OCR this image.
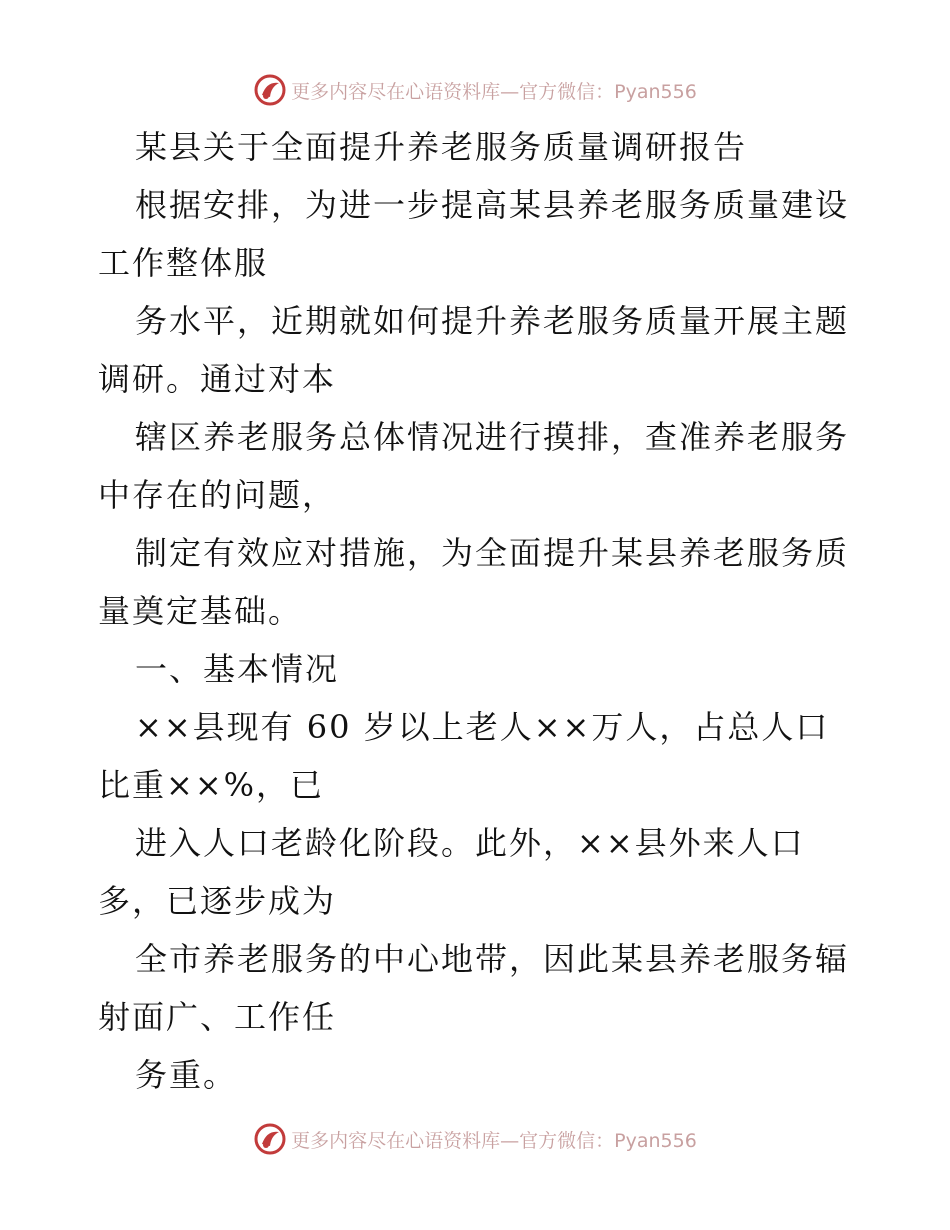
更多内容尽在心语资料库—官方微信：Pyan556
某县关于全面提升养老服务质量调研报告
根据安排，为进一步提高某县养老服务质量建设
工作整体服
务水平，近期就如何提升养老服务质量开展主题
调研。通过对本
辖区养老服务总体情况进行摸排，查准养老服务
中存在的问题，
制定有效应对措施，为全面提升某县养老服务质
量奠定基础。
一、基本情况
××县现有 60 岁以上老人××万人，占总人口
比重××%，已
进入人口老龄化阶段。此外，××县外来人口
多，已逐步成为
全市养老服务的中心地带，因此某县养老服务辐
射面广、工作任
务重。
更多内容尽在心语资料库—官方微信：Pyan556
